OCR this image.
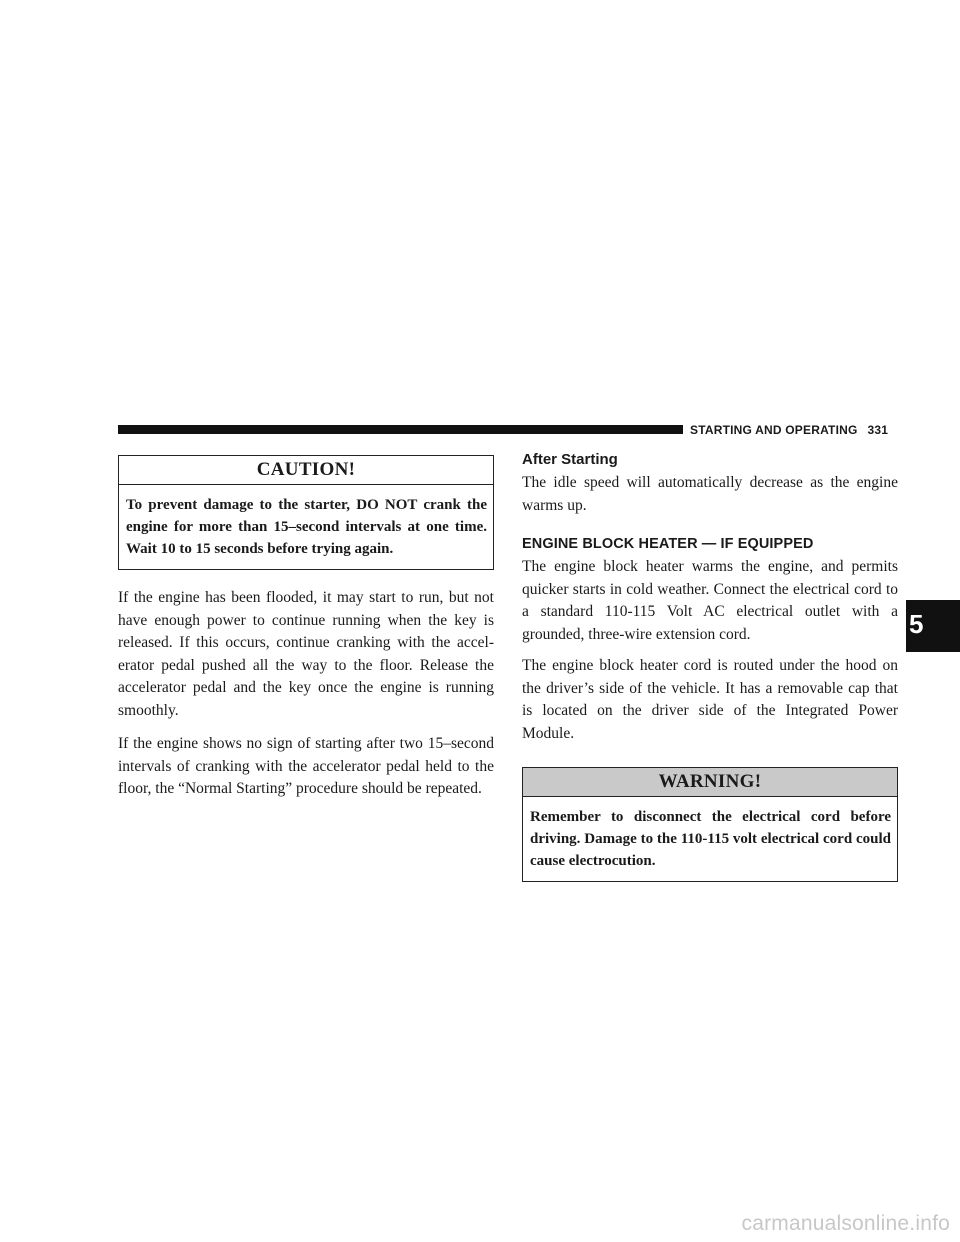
STARTING AND OPERATING 331
CAUTION!
To prevent damage to the starter, DO NOT crank the engine for more than 15–second intervals at one time. Wait 10 to 15 seconds before trying again.

If the engine has been flooded, it may start to run, but not have enough power to continue running when the key is released. If this occurs, continue cranking with the accel-erator pedal pushed all the way to the floor. Release the accelerator pedal and the key once the engine is running smoothly.

If the engine shows no sign of starting after two 15–second intervals of cranking with the accelerator pedal held to the floor, the “Normal Starting” procedure should be repeated.

After Starting

The idle speed will automatically decrease as the engine warms up.

ENGINE BLOCK HEATER — IF EQUIPPED

The engine block heater warms the engine, and permits quicker starts in cold weather. Connect the electrical cord to a standard 110-115 Volt AC electrical outlet with a grounded, three-wire extension cord.

The engine block heater cord is routed under the hood on the driver’s side of the vehicle. It has a removable cap that is located on the driver side of the Integrated Power Module.

WARNING!
Remember to disconnect the electrical cord before driving. Damage to the 110-115 volt electrical cord could cause electrocution.
5
carmanualsonline.info
